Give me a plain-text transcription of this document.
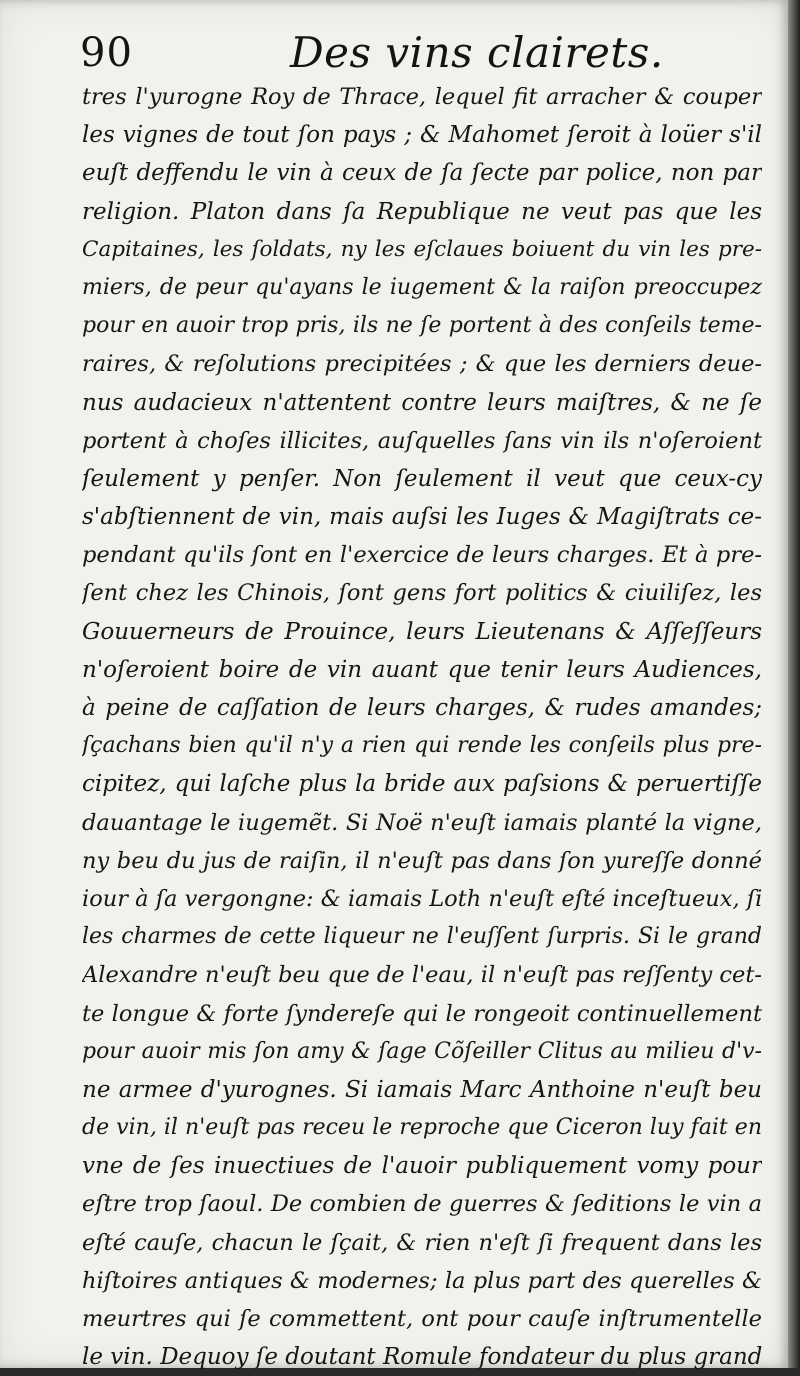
90	Des vins clairets.
tres l'yurogne Roy de Thrace, lequel fit arracher & couper
les vignes de tout ſon pays ; & Mahomet ſeroit à loüer s'il
euſt deffendu le vin à ceux de ſa ſecte par police, non par
religion. Platon dans ſa Republique ne veut pas que les
Capitaines, les ſoldats, ny les eſclaues boiuent du vin les pre-
miers, de peur qu'ayans le iugement & la raiſon preoccupez
pour en auoir trop pris, ils ne ſe portent à des conſeils teme-
raires, & reſolutions precipitées ; & que les derniers deue-
nus audacieux n'attentent contre leurs maiſtres, & ne ſe
portent à choſes illicites, auſquelles ſans vin ils n'oſeroient
ſeulement y penſer. Non ſeulement il veut que ceux-cy
s'abſtiennent de vin, mais auſsi les Iuges & Magiſtrats ce-
pendant qu'ils ſont en l'exercice de leurs charges. Et à pre-
ſent chez les Chinois, ſont gens fort politics & ciuiliſez, les
Gouuerneurs de Prouince, leurs Lieutenans & Aſſeſſeurs
n'oſeroient boire de vin auant que tenir leurs Audiences,
à peine de caſſation de leurs charges, & rudes amandes;
ſçachans bien qu'il n'y a rien qui rende les conſeils plus pre-
cipitez, qui laſche plus la bride aux paſsions & peruertiſſe
dauantage le iugemẽt. Si Noë n'euſt iamais planté la vigne,
ny beu du jus de raiſin, il n'euſt pas dans ſon yureſſe donné
iour à ſa vergongne: & iamais Loth n'euſt eſté inceſtueux, ſi
les charmes de cette liqueur ne l'euſſent ſurpris. Si le grand
Alexandre n'euſt beu que de l'eau, il n'euſt pas reſſenty cet-
te longue & forte ſyndereſe qui le rongeoit continuellement
pour auoir mis ſon amy & ſage Cõſeiller Clitus au milieu d'v-
ne armee d'yurognes. Si iamais Marc Anthoine n'euſt beu
de vin, il n'euſt pas receu le reproche que Ciceron luy fait en
vne de ſes inuectiues de l'auoir publiquement vomy pour
eſtre trop ſaoul. De combien de guerres & ſeditions le vin a
eſté cauſe, chacun le ſçait, & rien n'eſt ſi frequent dans les
hiſtoires antiques & modernes; la plus part des querelles &
meurtres qui ſe commettent, ont pour cauſe inſtrumentelle
le vin. Dequoy ſe doutant Romule fondateur du plus grand
